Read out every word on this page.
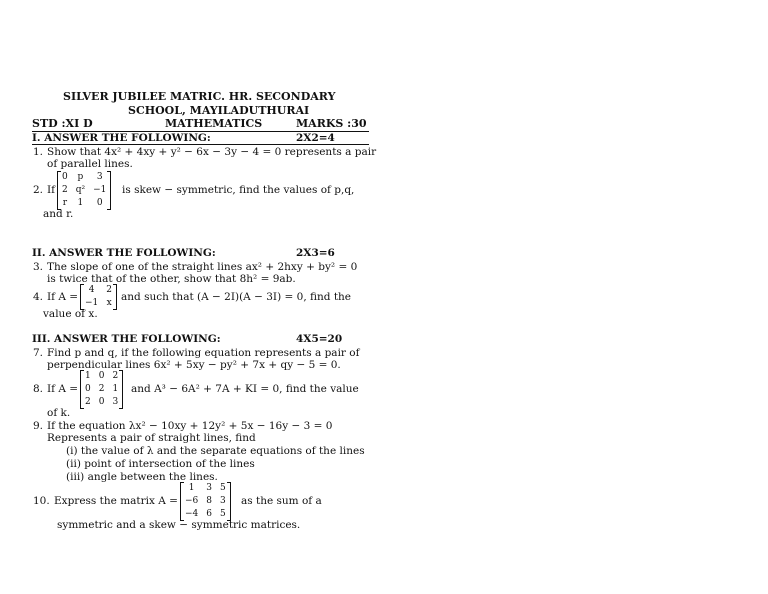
SILVER JUBILEE MATRIC. HR. SECONDARY
SCHOOL, MAYILADUTHURAI
STD :XI D	MATHEMATICS	MARKS :30
I. ANSWER THE FOLLOWING:	2X2=4
1. Show that 4x² + 4xy + y² − 6x − 3y − 4 = 0 represents a pair
of parallel lines.
2. If
0	p	3
2	q²	−1
r	1	0
is skew − symmetric, find the values of p,q,
and r.
II. ANSWER THE FOLLOWING:	2X3=6
3. The slope of one of the straight lines ax² + 2hxy + by² = 0
is twice that of the other, show that 8h² = 9ab.
4. If A =
4	2
−1	x and such that (A − 2I)(A − 3I) = 0, find the
value of x.
III. ANSWER THE FOLLOWING:	4X5=20
7. Find p and q, if the following equation represents a pair of
perpendicular lines 6x² + 5xy − py² + 7x + qy − 5 = 0.
8. If A =
1	0	2
0	2	1
2	0	3
and A³ − 6A² + 7A + KI = 0, find the value
of k.
9. If the equation λx² − 10xy + 12y² + 5x − 16y − 3 = 0
Represents a pair of straight lines, find
(i) the value of λ and the separate equations of the lines
(ii) point of intersection of the lines
(iii) angle between the lines.
10. Express the matrix A =
1	3	5
−6	8	3
−4	6	5
as the sum of a
symmetric and a skew − symmetric matrices.
